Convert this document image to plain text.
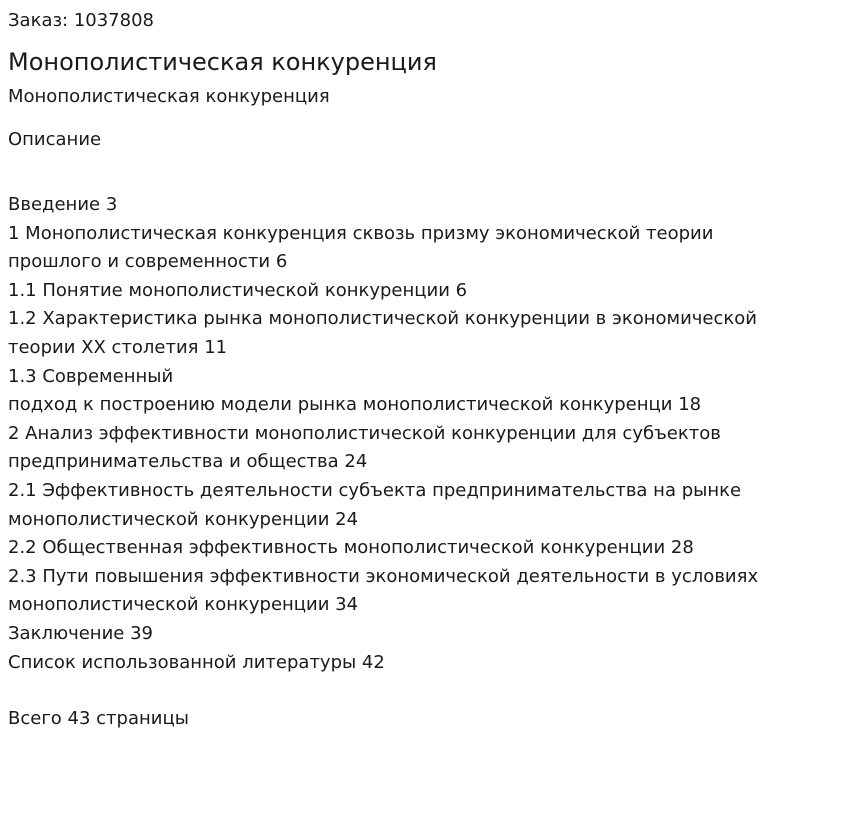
Заказ: 1037808

Монополистическая конкуренция

Монополистическая конкуренция

Описание

Введение 3
1 Монополистическая конкуренция сквозь призму экономической теории
прошлого и современности 6
1.1 Понятие монополистической конкуренции 6
1.2 Характеристика рынка монополистической конкуренции в экономической
теории XX столетия 11
1.3 Современный
подход к построению модели рынка монополистической конкуренци 18
2 Анализ эффективности монополистической конкуренции для субъектов
предпринимательства и общества 24
2.1 Эффективность деятельности субъекта предпринимательства на рынке
монополистической конкуренции 24
2.2 Общественная эффективность монополистической конкуренции 28
2.3 Пути повышения эффективности экономической деятельности в условиях
монополистической конкуренции 34
Заключение 39
Список использованной литературы 42

Всего 43 страницы
